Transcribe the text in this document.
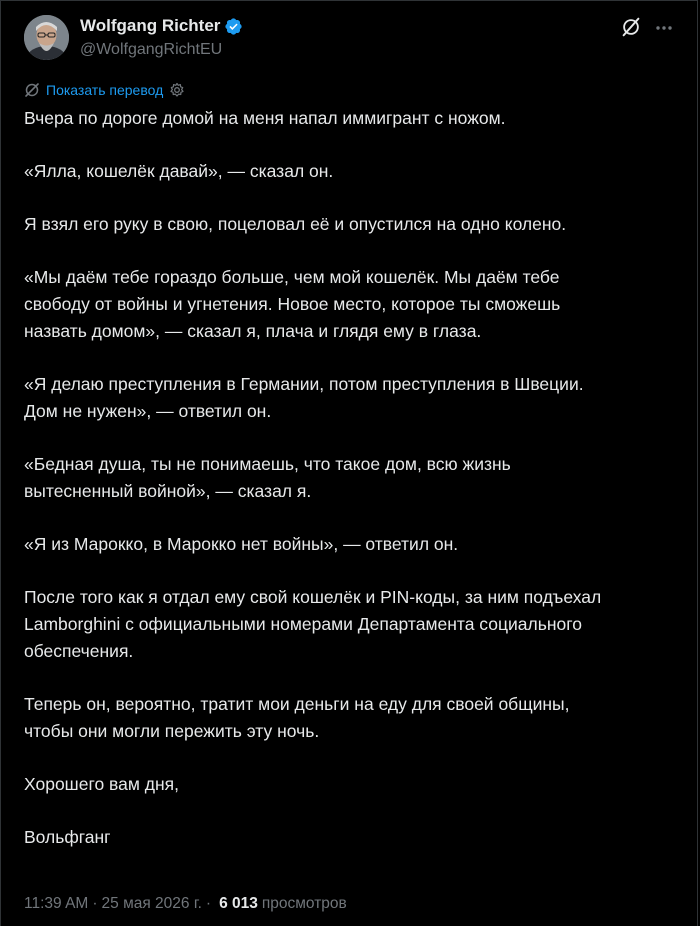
Wolfgang Richter
@WolfgangRichtEU
Показать перевод

Вчера по дороге домой на меня напал иммигрант с ножом.

«Ялла, кошелёк давай», — сказал он.

Я взял его руку в свою, поцеловал её и опустился на одно колено.

«Мы даём тебе гораздо больше, чем мой кошелёк. Мы даём тебе
свободу от войны и угнетения. Новое место, которое ты сможешь
назвать домом», — сказал я, плача и глядя ему в глаза.

«Я делаю преступления в Германии, потом преступления в Швеции.
Дом не нужен», — ответил он.

«Бедная душа, ты не понимаешь, что такое дом, всю жизнь
вытесненный войной», — сказал я.

«Я из Марокко, в Марокко нет войны», — ответил он.

После того как я отдал ему свой кошелёк и PIN-коды, за ним подъехал
Lamborghini с официальными номерами Департамента социального
обеспечения.

Теперь он, вероятно, тратит мои деньги на еду для своей общины,
чтобы они могли пережить эту ночь.

Хорошего вам дня,

Вольфганг

11:39 AM · 25 мая 2026 г. · 6 013 просмотров
